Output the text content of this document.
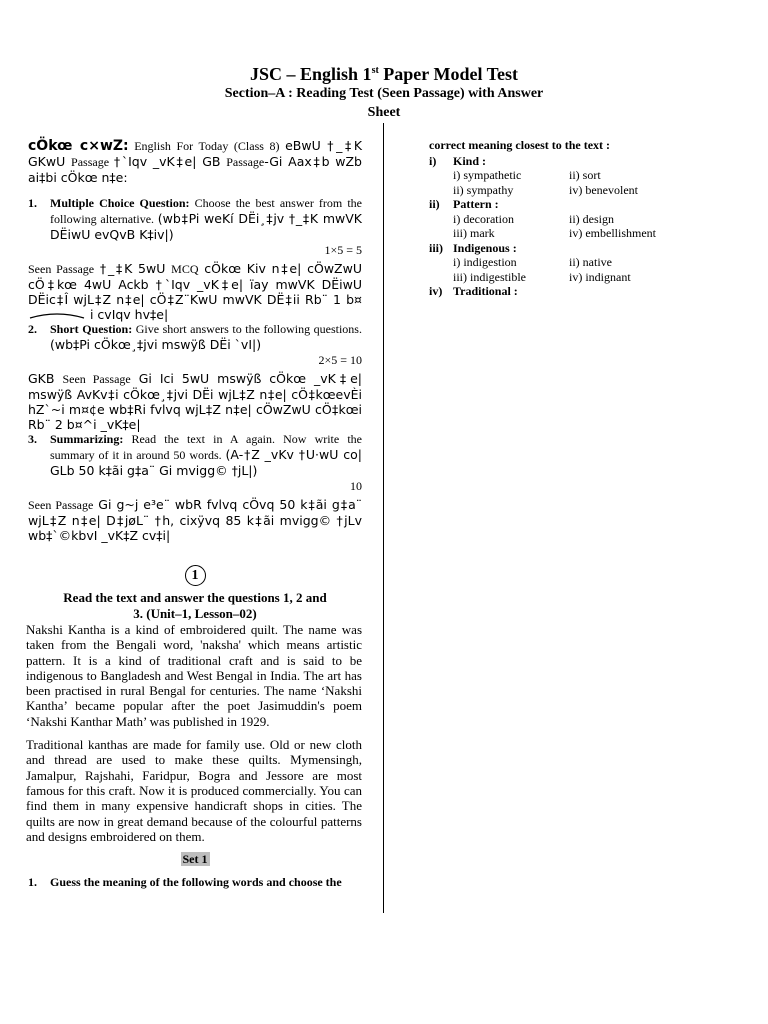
JSC – English 1st Paper Model Test
Section–A : Reading Test (Seen Passage) with Answer
Sheet
cÖkœ c×wZ: English For Today (Class 8) eBwU †_‡K GKwU Passage †`Iqv _vK‡e| GB Passage-Gi Aax‡b wZb ai‡bi cÖkœ n‡e:
1.	Multiple Choice Question: Choose the best answer from the following alternative. (wb‡Pi weKí DËi¸‡jv †_‡K mwVK DËiwU evQvB K‡iv|)
1×5 = 5
Seen Passage †_‡K 5wU MCQ cÖkœ Kiv n‡e| cÖwZwU cÖ‡kœ 4wU Ackb †`Iqv _vK‡e| ïay mwVK DËiwU DËic‡Î wjL‡Z n‡e| cÖ‡Z¨KwU mwVK DË‡ii Rb¨ 1 b¤ i cvIqv hv‡e|
2.	Short Question: Give short answers to the following questions. (wb‡Pi cÖkœ¸‡jvi mswÿß DËi `vI|)
2×5 = 10
GKB Seen Passage Gi Ici 5wU mswÿß cÖkœ _vK‡e| mswÿß AvKv‡i cÖkœ¸‡jvi DËi wjL‡Z n‡e| cÖ‡kœevÈi hZ`~i m¤¢e wb‡Ri fvlvq wjL‡Z n‡e| cÖwZwU cÖ‡kœi Rb¨ 2 b¤^i _vK‡e|
3.	Summarizing: Read the text in A again. Now write the summary of it in around 50 words. (A-†Z _vKv †U·wU co| GLb 50 k‡ãi g‡a¨ Gi mvigg© †jL|)
10
Seen Passage Gi g~j e³e¨ wbR fvlvq cÖvq 50 k‡ãi g‡a¨ wjL‡Z n‡e| D‡jøL¨ †h, cixÿvq 85 k‡ãi mvigg© †jLv wb‡`©kbvI _vK‡Z cv‡i|
1
Read the text and answer the questions 1, 2 and
3. (Unit–1, Lesson–02)

Nakshi Kantha is a kind of embroidered quilt. The name was taken from the Bengali word, 'naksha' which means artistic pattern. It is a kind of traditional craft and is said to be indigenous to Bangladesh and West Bengal in India. The art has been practised in rural Bengal for centuries. The name ‘Nakshi Kantha’ became popular after the poet Jasimuddin's poem ‘Nakshi Kanthar Math’ was published in 1929.

Traditional kanthas are made for family use. Old or new cloth and thread are used to make these quilts. Mymensingh, Jamalpur, Rajshahi, Faridpur, Bogra and Jessore are most famous for this craft. Now it is produced commercially. You can find them in many expensive handicraft shops in cities. The quilts are now in great demand because of the colourful patterns and designs embroidered on them.

Set 1
1.	Guess the meaning of the following words and choose the
correct meaning closest to the text :
i)	Kind :
i) sympathetic	ii) sort
ii) sympathy	iv) benevolent
ii)	Pattern :
i) decoration	ii) design
iii) mark	iv) embellishment
iii) Indigenous :
i) indigestion	ii) native
iii) indigestible	iv) indignant
iv) Traditional :
